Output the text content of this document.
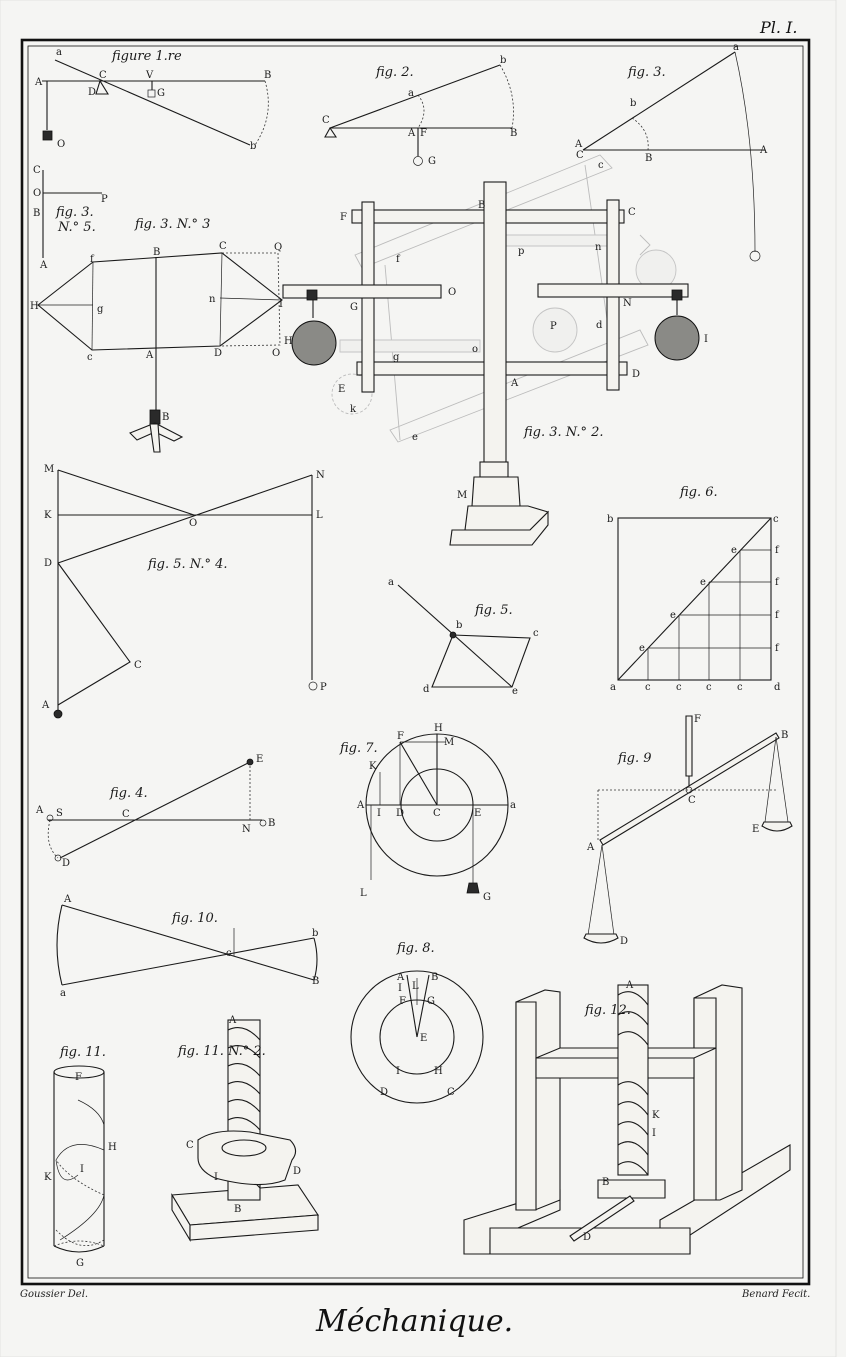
Pl. I.
figure 1.re
a
A
C	V	B
D	G
O	b
fig. 2.
b
a
C
A F	B
G
fig. 3.
a
b
A
C	B
A
C
O
P
B
A
fig. 3.
N.° 5.	fig. 3. N.° 3
B
C	Q
f
H	g
n	I
c	A	D	O
B
fig. 3. N.° 2.
F
B
C
f
p	n
G
O
N
P
H
g
o
d
I
E
k
A
D
e
c
M
fig. 5. N.° 4.
M
N
K
O
L
D
C
A
P
fig. 5.
a
b
c
d	e
fig. 6.
b	c
f
f
f
f
e
e
e
e
a	c	c c	c	d
fig. 4.
E
A S	C
N
B
D
fig. 7.
H
F
M
K
A
I D	C	E
a
L	G
fig. 9
F
B
C
E
A
D
fig. 10.
A
b
c
a
B
fig. 8.
A
L
B
I
F G
E
I	H
D	C
fig. 11.
F
H
K
I
G
fig. 11. N.° 2.
A
C
D
I
B
fig. 12.
A
K
I
B
D
Goussier Del.	Benard Fecit.
Méchanique.
